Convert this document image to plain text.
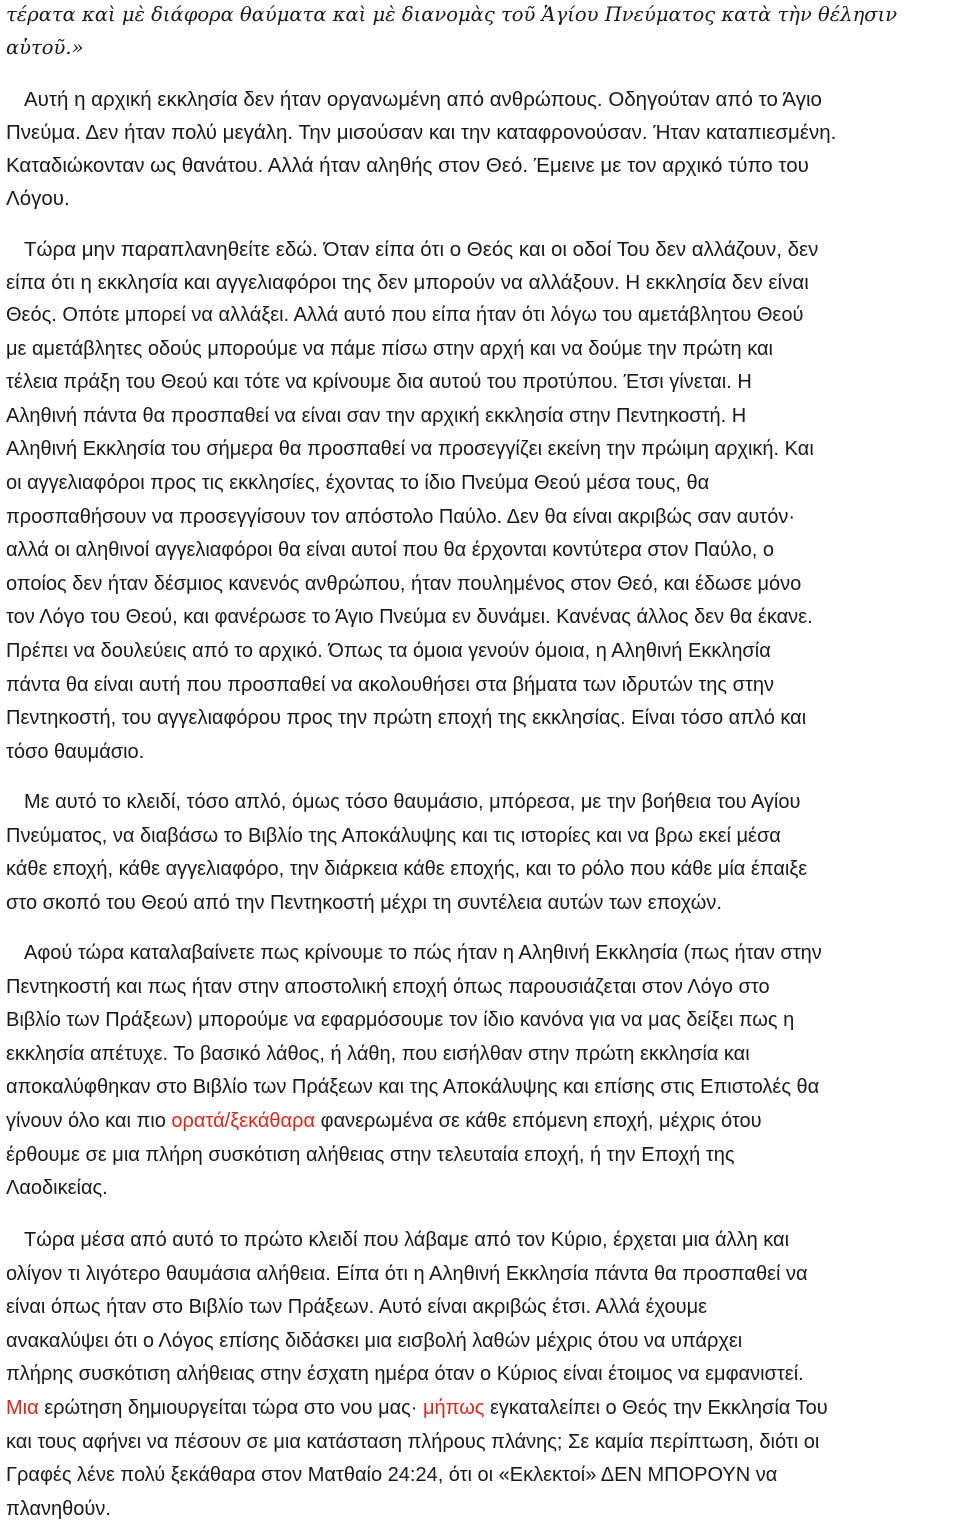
τέρατα καὶ μὲ διάφορα θαύματα καὶ μὲ διανομὰς τοῦ Ἁγίου Πνεύματος κατὰ τὴν θέλησιν
αὑτοῦ.»
Αυτή η αρχική εκκλησία δεν ήταν οργανωμένη από ανθρώπους. Οδηγούταν από το Άγιο
Πνεύμα. Δεν ήταν πολύ μεγάλη. Την μισούσαν και την καταφρονούσαν. Ήταν καταπιεσμένη.
Καταδιώκονταν ως θανάτου. Αλλά ήταν αληθής στον Θεό. Έμεινε με τον αρχικό τύπο του
Λόγου.
Τώρα μην παραπλανηθείτε εδώ. Όταν είπα ότι ο Θεός και οι οδοί Του δεν αλλάζουν, δεν
είπα ότι η εκκλησία και αγγελιαφόροι της δεν μπορούν να αλλάξουν. Η εκκλησία δεν είναι
Θεός. Οπότε μπορεί να αλλάξει. Αλλά αυτό που είπα ήταν ότι λόγω του αμετάβλητου Θεού
με αμετάβλητες οδούς μπορούμε να πάμε πίσω στην αρχή και να δούμε την πρώτη και
τέλεια πράξη του Θεού και τότε να κρίνουμε δια αυτού του προτύπου. Έτσι γίνεται. Η
Αληθινή πάντα θα προσπαθεί να είναι σαν την αρχική εκκλησία στην Πεντηκοστή. Η
Αληθινή Εκκλησία του σήμερα θα προσπαθεί να προσεγγίζει εκείνη την πρώιμη αρχική. Και
οι αγγελιαφόροι προς τις εκκλησίες, έχοντας το ίδιο Πνεύμα Θεού μέσα τους, θα
προσπαθήσουν να προσεγγίσουν τον απόστολο Παύλο. Δεν θα είναι ακριβώς σαν αυτόν·
αλλά οι αληθινοί αγγελιαφόροι θα είναι αυτοί που θα έρχονται κοντύτερα στον Παύλο, ο
οποίος δεν ήταν δέσμιος κανενός ανθρώπου, ήταν πουλημένος στον Θεό, και έδωσε μόνο
τον Λόγο του Θεού, και φανέρωσε το Άγιο Πνεύμα εν δυνάμει. Κανένας άλλος δεν θα έκανε.
Πρέπει να δουλεύεις από το αρχικό. Όπως τα όμοια γενούν όμοια, η Αληθινή Εκκλησία
πάντα θα είναι αυτή που προσπαθεί να ακολουθήσει στα βήματα των ιδρυτών της στην
Πεντηκοστή, του αγγελιαφόρου προς την πρώτη εποχή της εκκλησίας. Είναι τόσο απλό και
τόσο θαυμάσιο.
Με αυτό το κλειδί, τόσο απλό, όμως τόσο θαυμάσιο, μπόρεσα, με την βοήθεια του Αγίου
Πνεύματος, να διαβάσω το Βιβλίο της Αποκάλυψης και τις ιστορίες και να βρω εκεί μέσα
κάθε εποχή, κάθε αγγελιαφόρο, την διάρκεια κάθε εποχής, και το ρόλο που κάθε μία έπαιξε
στο σκοπό του Θεού από την Πεντηκοστή μέχρι τη συντέλεια αυτών των εποχών.
Αφού τώρα καταλαβαίνετε πως κρίνουμε το πώς ήταν η Αληθινή Εκκλησία (πως ήταν στην
Πεντηκοστή και πως ήταν στην αποστολική εποχή όπως παρουσιάζεται στον Λόγο στο
Βιβλίο των Πράξεων) μπορούμε να εφαρμόσουμε τον ίδιο κανόνα για να μας δείξει πως η
εκκλησία απέτυχε. Το βασικό λάθος, ή λάθη, που εισήλθαν στην πρώτη εκκλησία και
αποκαλύφθηκαν στο Βιβλίο των Πράξεων και της Αποκάλυψης και επίσης στις Επιστολές θα
γίνουν όλο και πιο ορατά/ξεκάθαρα φανερωμένα σε κάθε επόμενη εποχή, μέχρις ότου
έρθουμε σε μια πλήρη συσκότιση αλήθειας στην τελευταία εποχή, ή την Εποχή της
Λαοδικείας.
Τώρα μέσα από αυτό το πρώτο κλειδί που λάβαμε από τον Κύριο, έρχεται μια άλλη και
ολίγον τι λιγότερο θαυμάσια αλήθεια. Είπα ότι η Αληθινή Εκκλησία πάντα θα προσπαθεί να
είναι όπως ήταν στο Βιβλίο των Πράξεων. Αυτό είναι ακριβώς έτσι. Αλλά έχουμε
ανακαλύψει ότι ο Λόγος επίσης διδάσκει μια εισβολή λαθών μέχρις ότου να υπάρχει
πλήρης συσκότιση αλήθειας στην έσχατη ημέρα όταν ο Κύριος είναι έτοιμος να εμφανιστεί.
Μια ερώτηση δημιουργείται τώρα στο νου μας· μήπως εγκαταλείπει ο Θεός την Εκκλησία Του
και τους αφήνει να πέσουν σε μια κατάσταση πλήρους πλάνης; Σε καμία περίπτωση, διότι οι
Γραφές λένε πολύ ξεκάθαρα στον Ματθαίο 24:24, ότι οι «Εκλεκτοί» ΔΕΝ ΜΠΟΡΟΥΝ να
πλανηθούν.
